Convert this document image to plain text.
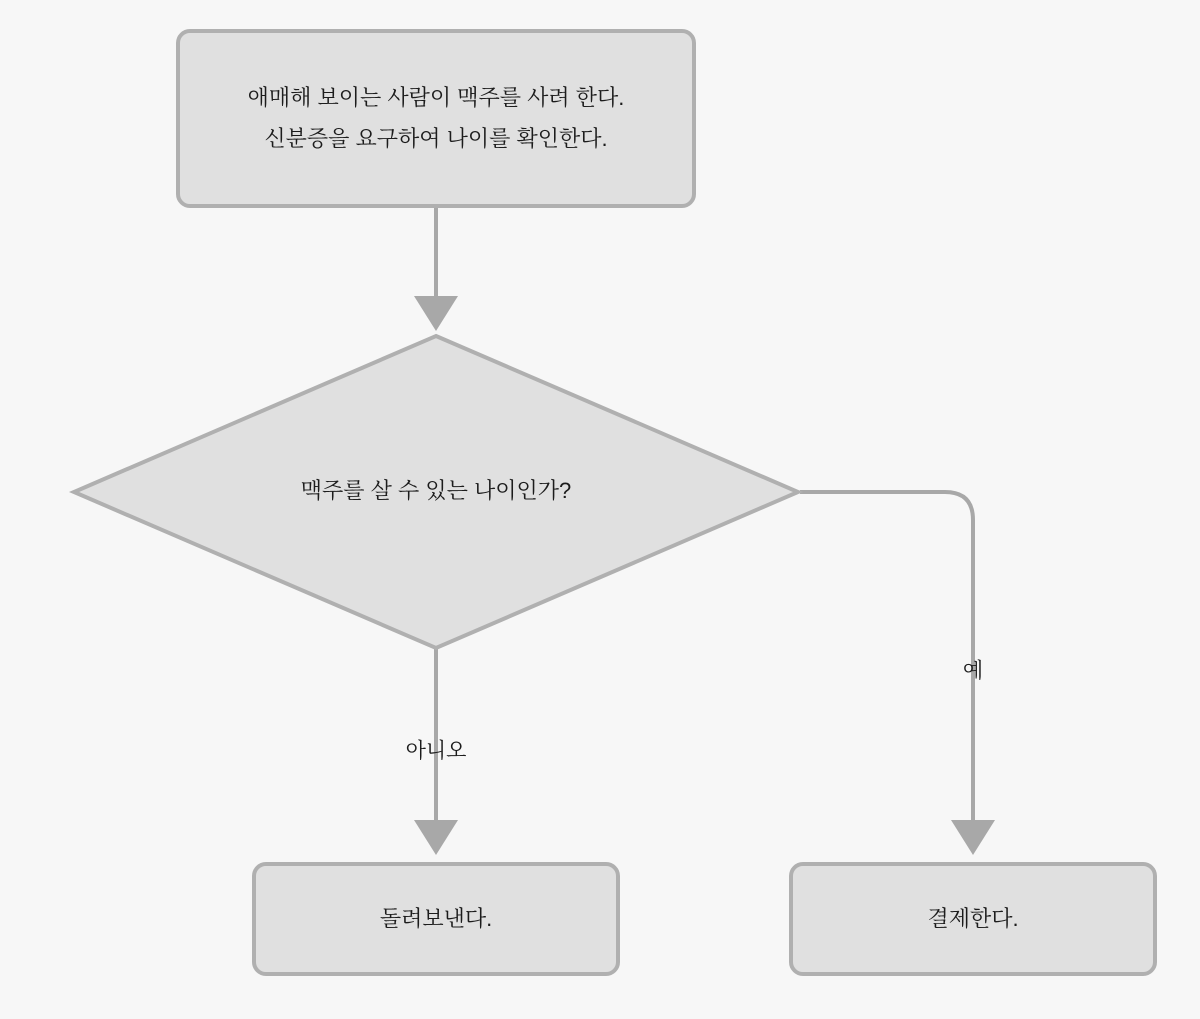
아니오
예
애매해 보이는 사람이 맥주를 사려 한다.
신분증을 요구하여 나이를 확인한다.
맥주를 살 수 있는 나이인가?
돌려보낸다.	결제한다.
